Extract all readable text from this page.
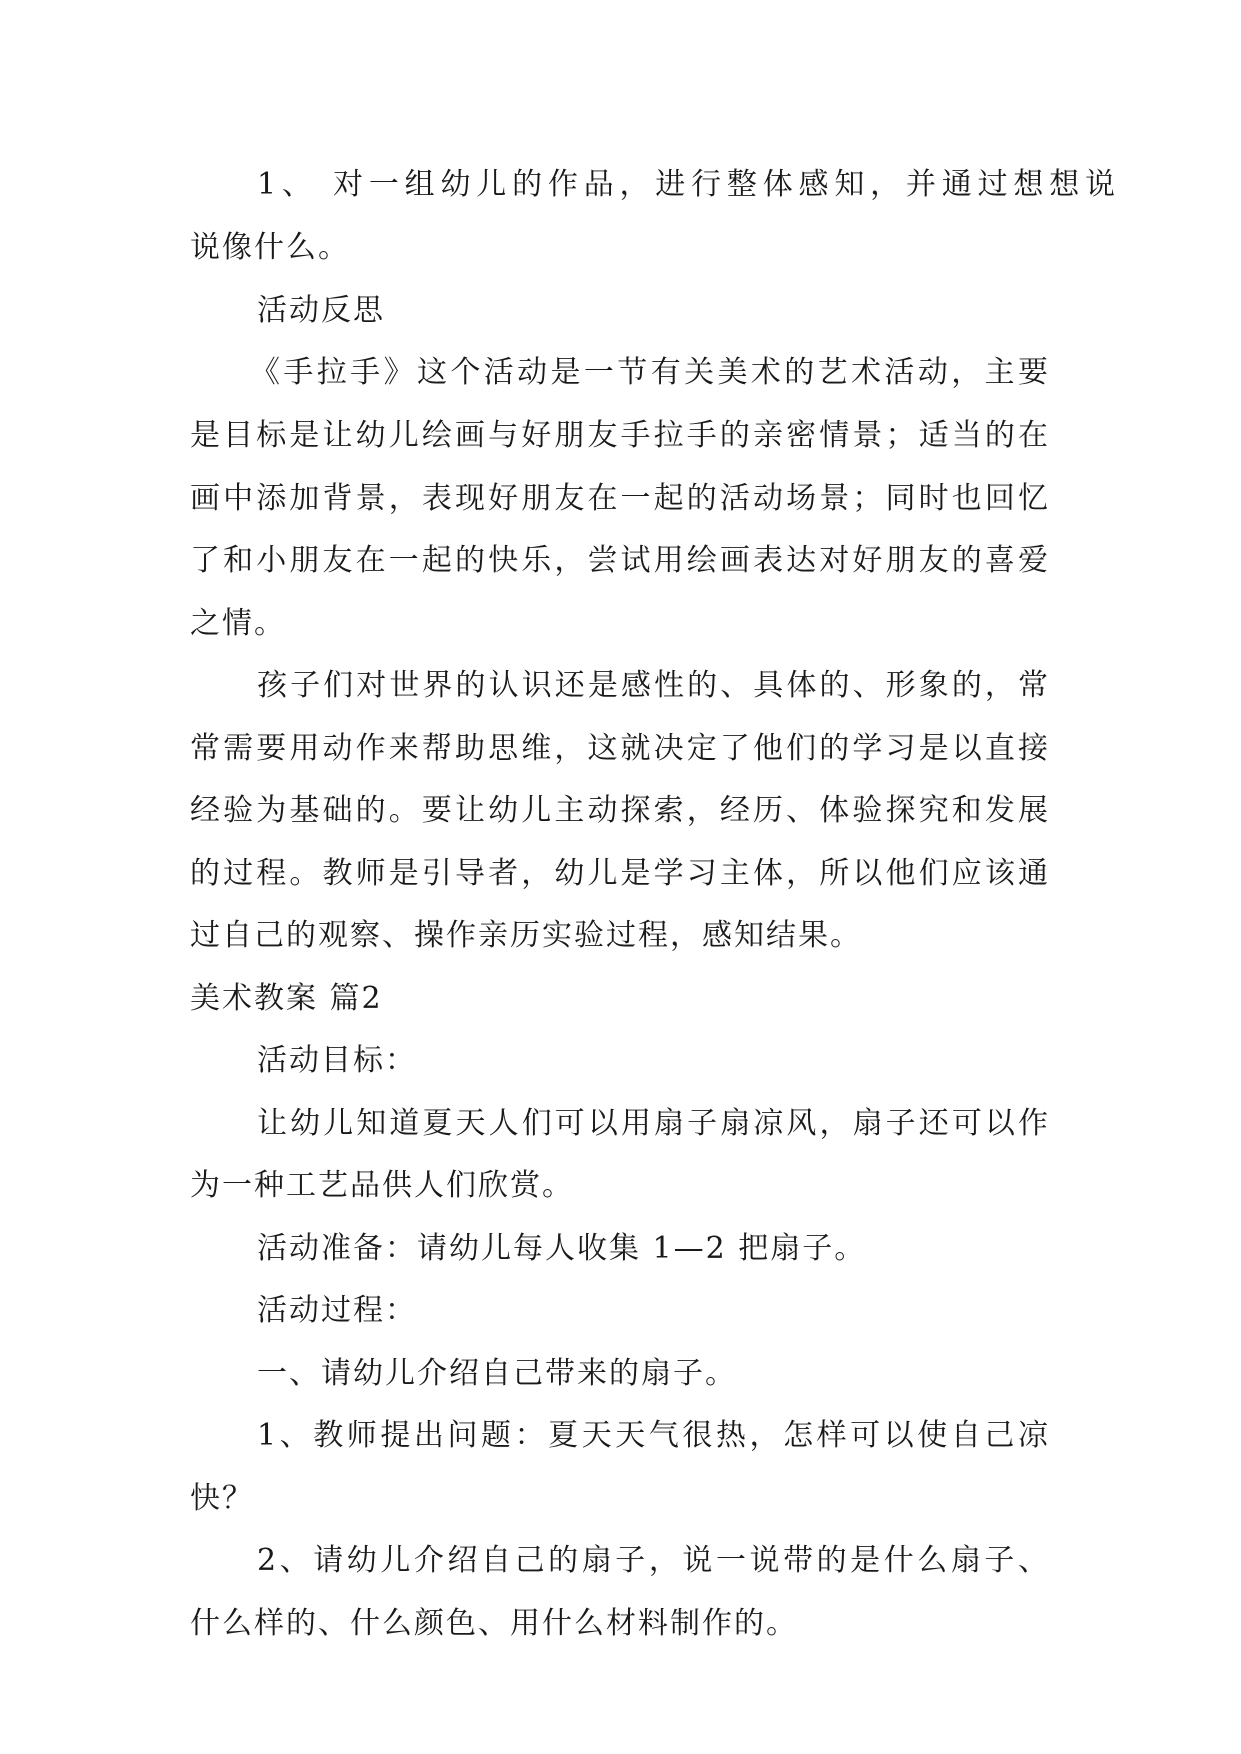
1、 对一组幼儿的作品，进行整体感知，并通过想想说
说像什么。
活动反思
《手拉手》这个活动是一节有关美术的艺术活动，主要
是目标是让幼儿绘画与好朋友手拉手的亲密情景；适当的在
画中添加背景，表现好朋友在一起的活动场景；同时也回忆
了和小朋友在一起的快乐，尝试用绘画表达对好朋友的喜爱
之情。
孩子们对世界的认识还是感性的、具体的、形象的，常
常需要用动作来帮助思维，这就决定了他们的学习是以直接
经验为基础的。要让幼儿主动探索，经历、体验探究和发展
的过程。教师是引导者，幼儿是学习主体，所以他们应该通
过自己的观察、操作亲历实验过程，感知结果。
美术教案 篇2
活动目标：
让幼儿知道夏天人们可以用扇子扇凉风，扇子还可以作
为一种工艺品供人们欣赏。
活动准备：请幼儿每人收集 1—2 把扇子。
活动过程：
一、请幼儿介绍自己带来的扇子。
1、教师提出问题：夏天天气很热，怎样可以使自己凉
快？
2、请幼儿介绍自己的扇子，说一说带的是什么扇子、
什么样的、什么颜色、用什么材料制作的。
